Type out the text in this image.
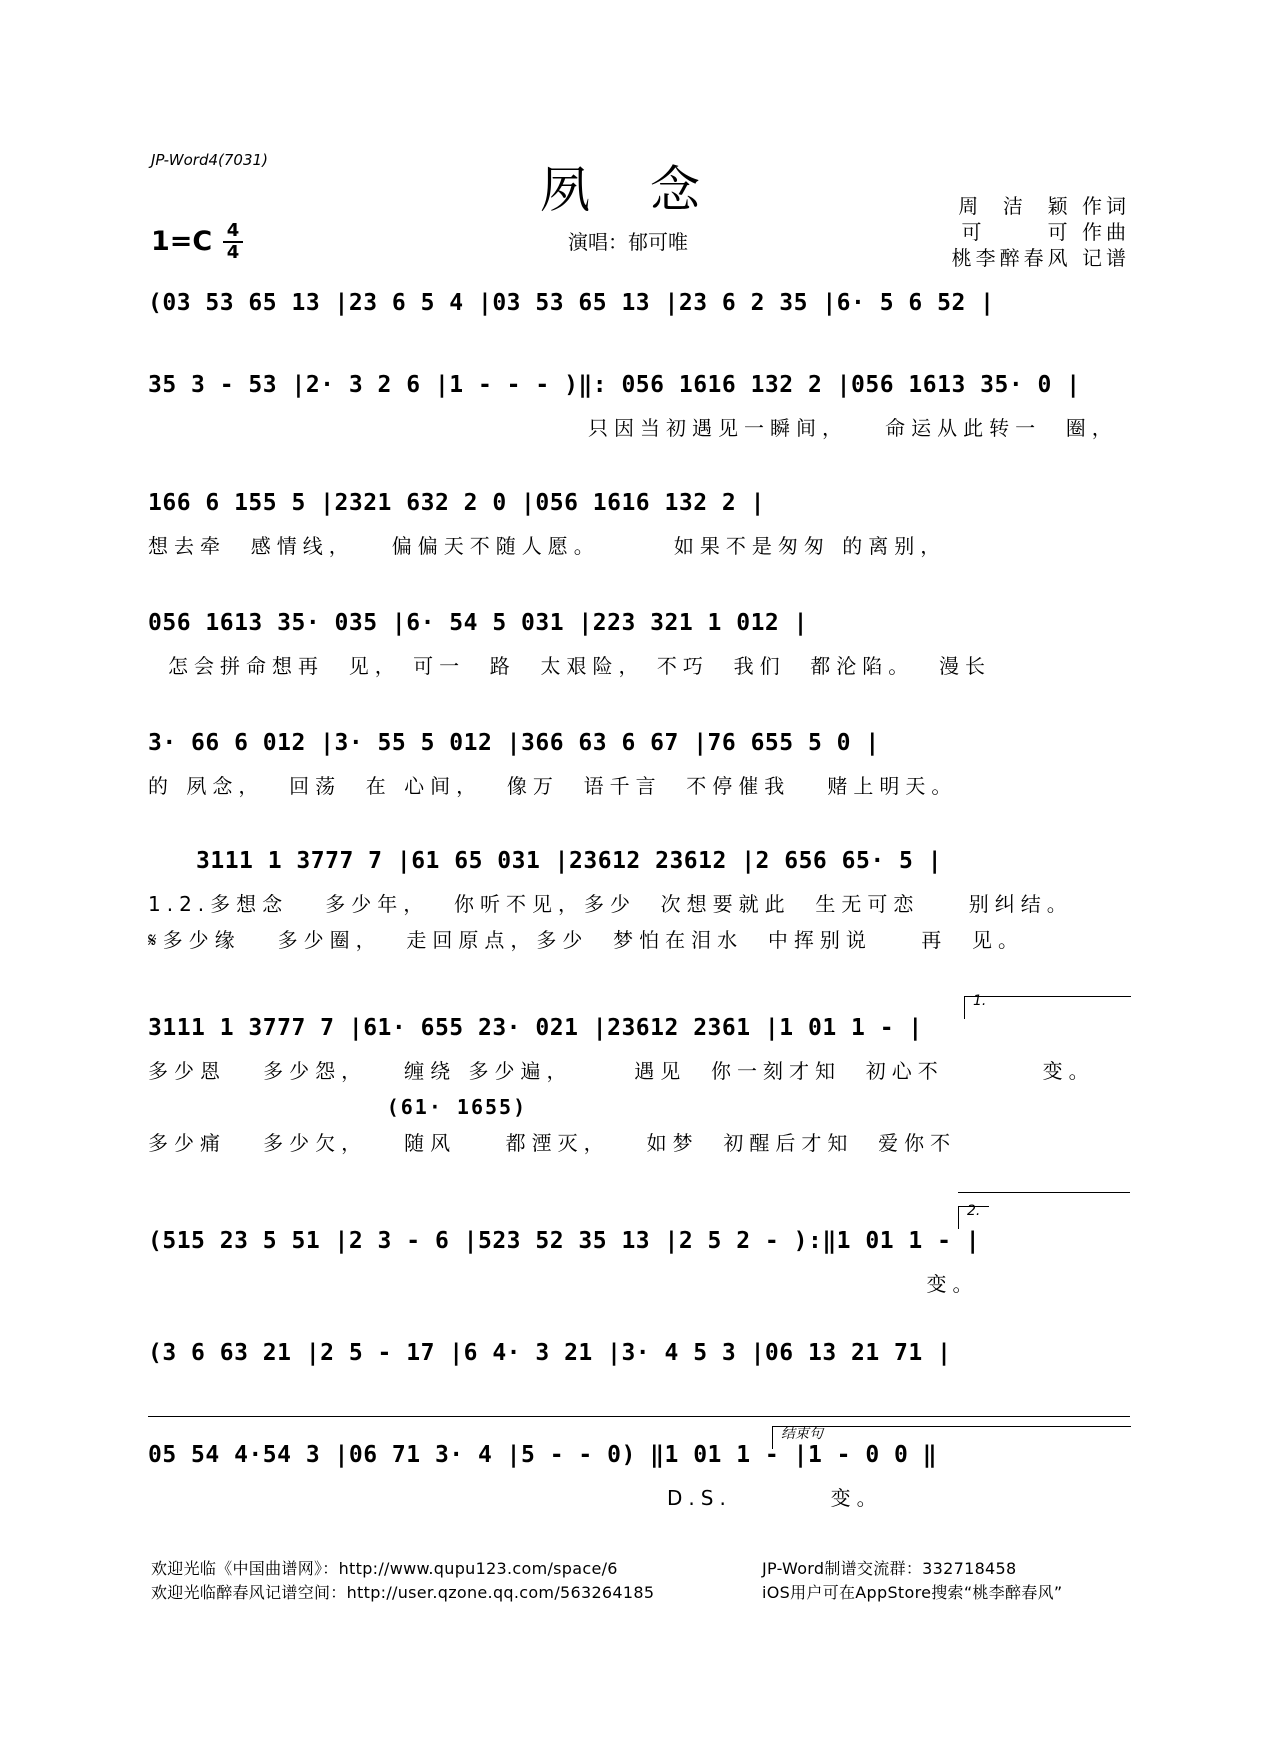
JP-Word4(7031)
夙念
1=C 4
4	演唱：郁可唯
周  洁  颖 作词
可      可 作曲
桃李醉春风 记谱
(03 53 65 13 |23 6 5 4 |03 53 65 13 |23 6 2 35 |6· 5 6 52 |
35 3 - 53 |2· 3 2 6 |1 - - - )‖: 056 1616 132 2 |056 1613 35· 0 |
只因当初遇见一瞬间，   命运从此转一  圈，
166 6 155 5 |2321 632 2 0 |056 1616 132 2 |
想去牵  感情线，   偏偏天不随人愿。      如果不是匆匆 的离别，
056 1613 35· 035 |6· 54 5 031 |223 321 1 012 |
怎会拼命想再  见， 可一  路  太艰险， 不巧  我们  都沦陷。  漫长
3· 66 6 012 |3· 55 5 012 |366 63 6 67 |76 655 5 0 |
的 夙念，  回荡  在 心间，  像万  语千言  不停催我   赌上明天。
3111 1 3777 7 |61 65 031 |23612 23612 |2 656 65· 5 |
1.2.多想念   多少年，  你听不见，多少  次想要就此  生无可恋    别纠结。
𝄋多少缘   多少圈，  走回原点，多少  梦怕在泪水  中挥别说    再  见。
1.
3111 1 3777 7 |61· 655 23· 021 |23612 2361 |1 01 1 - |
多少恩   多少怨，   缠绕 多少遍，     遇见  你一刻才知  初心不        变。
(61· 1655)
多少痛   多少欠，   随风    都湮灭，   如梦  初醒后才知  爱你不
2.
(515 23 5 51 |2 3 - 6 |523 52 35 13 |2 5 2 - ):‖1 01 1 - |
变。
(3 6 63 21 |2 5 - 17 |6 4· 3 21 |3· 4 5 3 |06 13 21 71 |
结束句
05 54 4·54 3 |06 71 3· 4 |5 - - 0) ‖1 01 1 - |1 - 0 0 ‖
D.S.        变。
欢迎光临《中国曲谱网》：http://www.qupu123.com/space/6
欢迎光临醉春风记谱空间：http://user.qzone.qq.com/563264185
JP-Word制谱交流群：332718458
iOS用户可在AppStore搜索“桃李醉春风”
